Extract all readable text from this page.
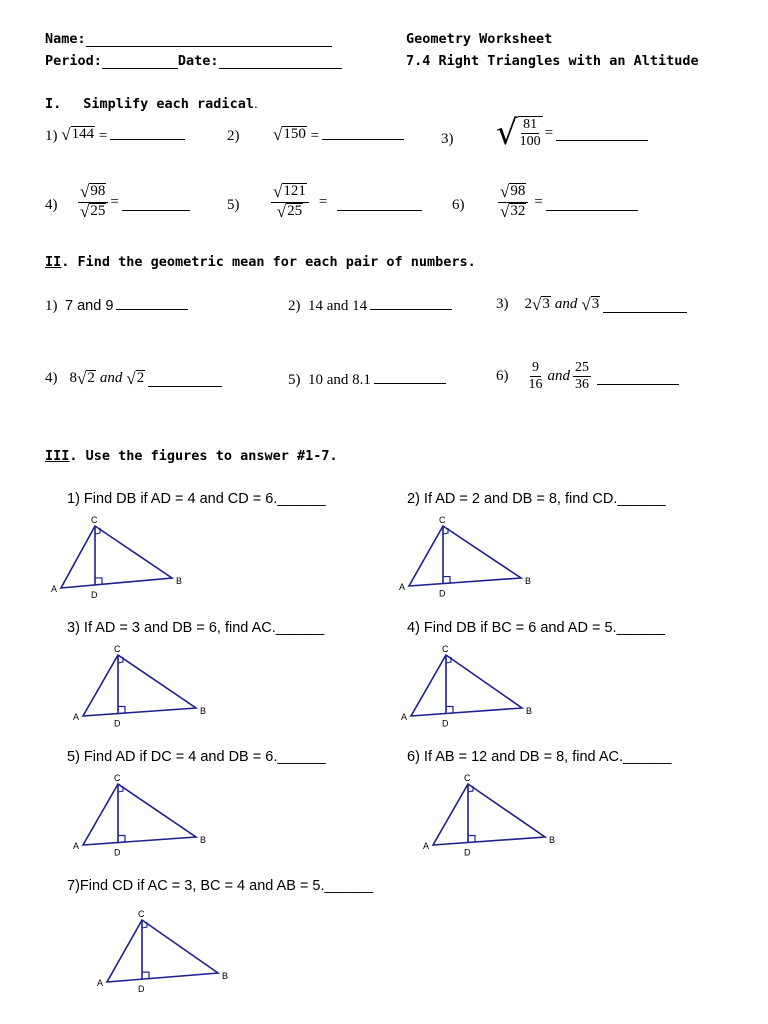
Name:
Period:	Date:
Geometry Worksheet
7.4 Right Triangles with an Altitude
I. Simplify each radical.
1) √ 144 =	2) √ 150 =	3) √ $\frac{81}{100}$ =
$4) \frac{√ 98}{√ 25}$ =	$5) \frac{√ 121}{√ 25}$ =	$6) \frac{√ 98}{√ 32}$ =
II. Find the geometric mean for each pair of numbers.
1) 7 and 9	2) 14 and 14	3) 2 √ 3 and √ 3
4) 8 √ 2 and √ 2	5) 10 and 8.1	$6) \frac{9}{16}$ and $\frac{25}{36}$
III. Use the figures to answer #1-7.
1) Find DB if AD = 4 and CD = 6.______	2) If AD = 2 and DB = 8, find CD.______
3) If AD = 3 and DB = 6, find AC.______	4) Find DB if BC = 6 and AD = 5.______
5) Find AD if DC = 4 and DB = 6.______	6) If AB = 12 and DB = 8, find AC.______
7)Find CD if AC = 3, BC = 4 and AB = 5.______
A
B
C
D
A
B
C
D
A
B
C
D
A
B
C
D
A
B
C
D
A
B
C
D
A
B
C
D
